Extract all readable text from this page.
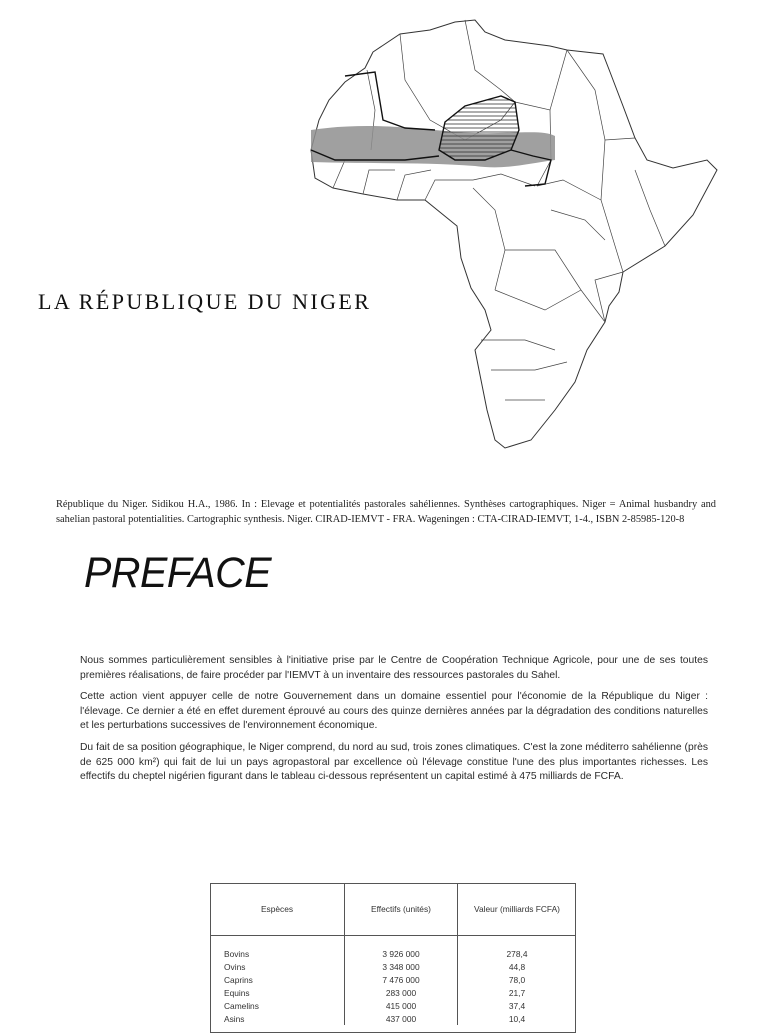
LA RÉPUBLIQUE DU NIGER
République du Niger. Sidikou H.A., 1986. In : Elevage et potentialités pastorales sahéliennes. Synthèses cartographiques. Niger = Animal husbandry and sahelian pastoral potentialities. Cartographic synthesis. Niger. CIRAD-IEMVT - FRA. Wageningen : CTA-CIRAD-IEMVT, 1-4., ISBN 2-85985-120-8
PREFACE

Nous sommes particulièrement sensibles à l'initiative prise par le Centre de Coopération Technique Agricole, pour une de ses toutes premières réalisations, de faire procéder par l'IEMVT à un inventaire des ressources pastorales du Sahel.

Cette action vient appuyer celle de notre Gouvernement dans un domaine essentiel pour l'économie de la République du Niger : l'élevage. Ce dernier a été en effet durement éprouvé au cours des quinze dernières années par la dégradation des conditions naturelles et les perturbations successives de l'environnement économique.

Du fait de sa position géographique, le Niger comprend, du nord au sud, trois zones climatiques. C'est la zone méditerro sahélienne (près de 625 000 km²) qui fait de lui un pays agropastoral par excellence où l'élevage constitue l'une des plus importantes richesses. Les effectifs du cheptel nigérien figurant dans le tableau ci-dessous représentent un capital estimé à 475 milliards de FCFA.

Espèces	Effectifs (unités)	Valeur (milliards FCFA)
Bovins	3 926 000	278,4
Ovins	3 348 000	44,8
Caprins	7 476 000	78,0
Equins	283 000	21,7
Camelins	415 000	37,4
Asins	437 000	10,4
